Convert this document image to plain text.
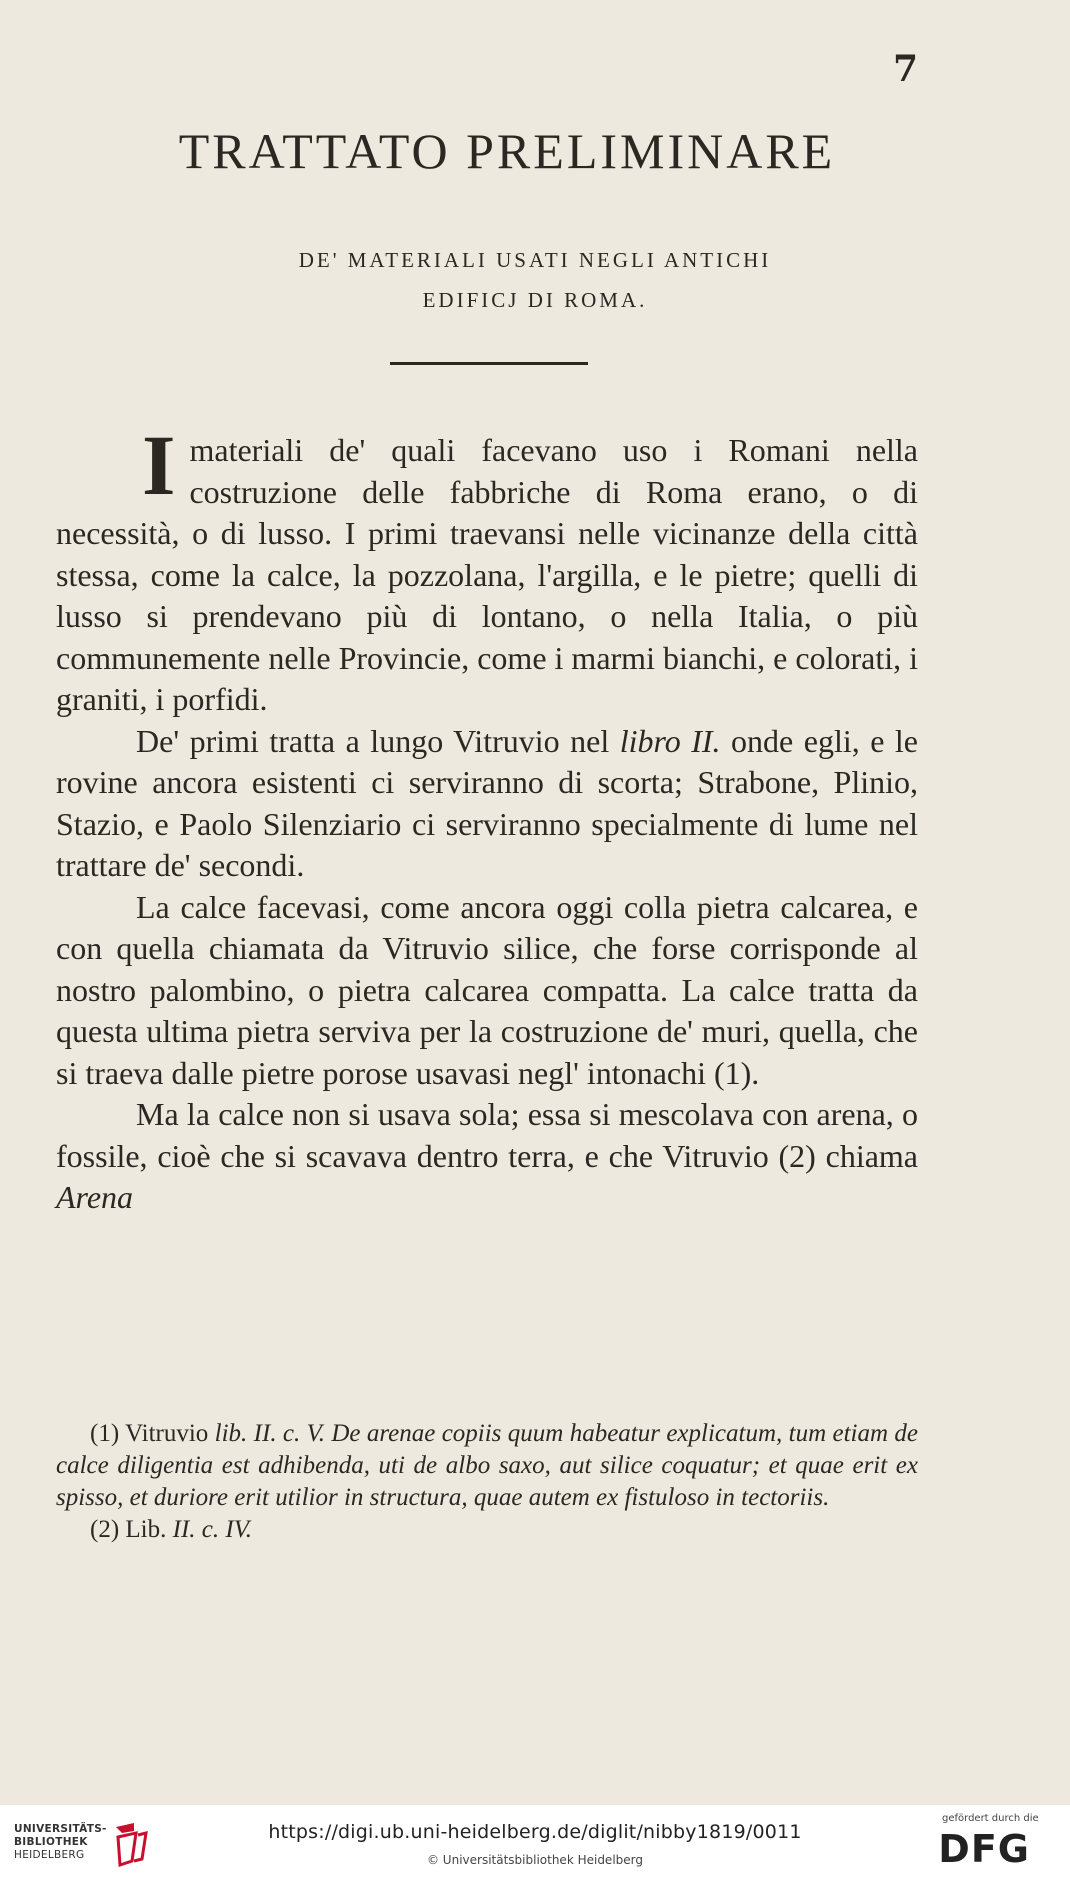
7
TRATTATO PRELIMINARE
DE' MATERIALI USATI NEGLI ANTICHI
EDIFICJ DI ROMA.

Imateriali de' quali facevano uso i Romani nella costruzione delle fabbriche di Roma erano, o di necessità, o di lusso. I primi traevansi nelle vicinanze della città stessa, come la calce, la pozzolana, l'argilla, e le pietre; quelli di lusso si prendevano più di lontano, o nella Italia, o più communemente nelle Provincie, come i marmi bianchi, e colorati, i graniti, i porfidi.

De' primi tratta a lungo Vitruvio nel libro II. onde egli, e le rovine ancora esistenti ci serviranno di scorta; Strabone, Plinio, Stazio, e Paolo Silenziario ci serviranno specialmente di lume nel trattare de' secondi.

La calce facevasi, come ancora oggi colla pietra calcarea, e con quella chiamata da Vitruvio silice, che forse corrisponde al nostro palombino, o pietra calcarea compatta. La calce tratta da questa ultima pietra serviva per la costruzione de' muri, quella, che si traeva dalle pietre porose usavasi negl' intonachi (1).

Ma la calce non si usava sola; essa si mescolava con arena, o fossile, cioè che si scavava dentro terra, e che Vitruvio (2) chiama Arena

(1) Vitruvio lib. II. c. V. De arenae copiis quum habeatur explicatum, tum etiam de calce diligentia est adhibenda, uti de albo saxo, aut silice coquatur; et quae erit ex spisso, et duriore erit utilior in structura, quae autem ex fistuloso in tectoriis.

(2) Lib. II. c. IV.

UNIVERSITÄTS-
BIBLIOTHEK
HEIDELBERG
https://digi.ub.uni-heidelberg.de/diglit/nibby1819/0011
© Universitätsbibliothek Heidelberg
gefördert durch die
DFG
